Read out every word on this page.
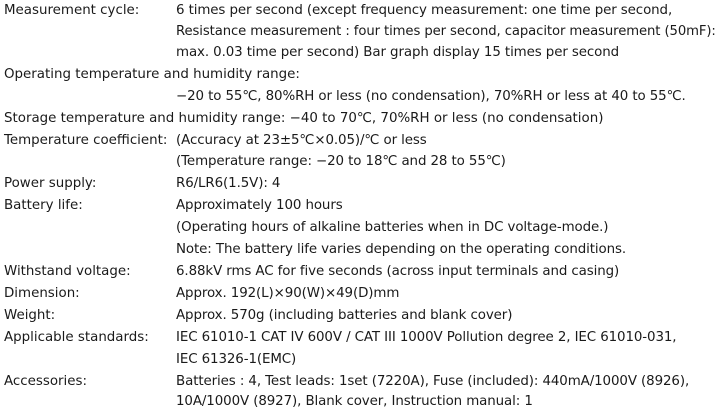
Measurement cycle:	6 times per second (except frequency measurement: one time per second,
Resistance measurement : four times per second, capacitor measurement (50mF):
max. 0.03 time per second) Bar graph display 15 times per second
Operating temperature and humidity range:
−20 to 55℃, 80%RH or less (no condensation), 70%RH or less at 40 to 55℃.
Storage temperature and humidity range: −40 to 70℃, 70%RH or less (no condensation)
Temperature coefficient: (Accuracy at 23±5℃×0.05)/℃ or less
(Temperature range: −20 to 18℃ and 28 to 55℃)
Power supply:	R6/LR6(1.5V): 4
Battery life:	Approximately 100 hours
(Operating hours of alkaline batteries when in DC voltage-mode.)
Note: The battery life varies depending on the operating conditions.
Withstand voltage:	6.88kV rms AC for five seconds (across input terminals and casing)
Dimension:	Approx. 192(L)×90(W)×49(D)mm
Weight:	Approx. 570g (including batteries and blank cover)
Applicable standards: IEC 61010-1 CAT IV 600V / CAT III 1000V Pollution degree 2, IEC 61010-031,
IEC 61326-1(EMC)
Accessories:	Batteries : 4, Test leads: 1set (7220A), Fuse (included): 440mA/1000V (8926),
10A/1000V (8927), Blank cover, Instruction manual: 1
